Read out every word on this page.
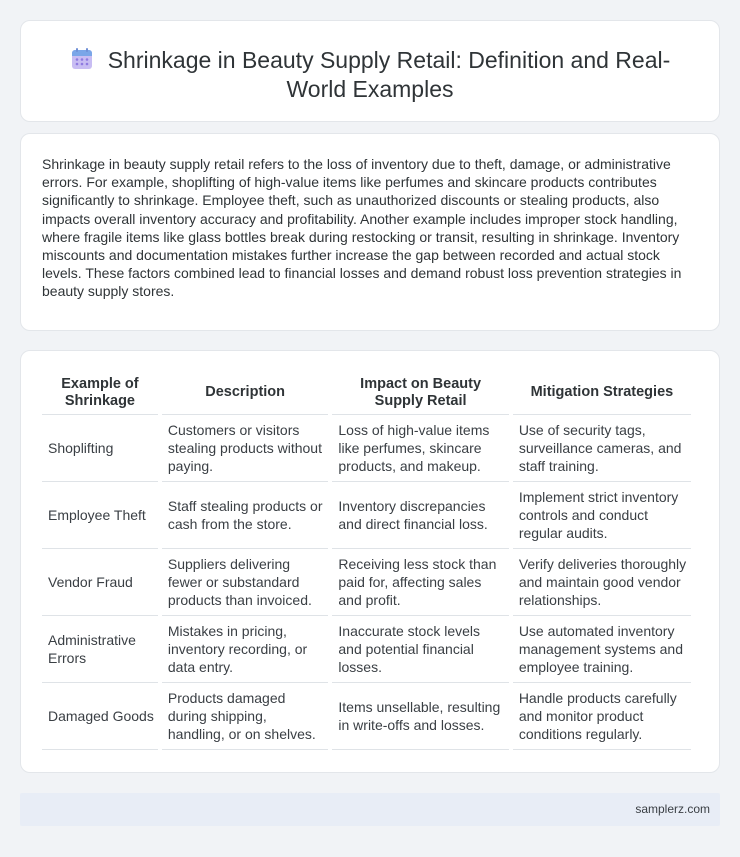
Shrinkage in Beauty Supply Retail: Definition and Real-World Examples

Shrinkage in beauty supply retail refers to the loss of inventory due to theft, damage, or administrative errors. For example, shoplifting of high-value items like perfumes and skincare products contributes significantly to shrinkage. Employee theft, such as unauthorized discounts or stealing products, also impacts overall inventory accuracy and profitability. Another example includes improper stock handling, where fragile items like glass bottles break during restocking or transit, resulting in shrinkage. Inventory miscounts and documentation mistakes further increase the gap between recorded and actual stock levels. These factors combined lead to financial losses and demand robust loss prevention strategies in beauty supply stores.

Example of Shrinkage	Description	Impact on Beauty Supply Retail	Mitigation Strategies
Shoplifting	Customers or visitors stealing products without paying.	Loss of high-value items like perfumes, skincare products, and makeup.	Use of security tags, surveillance cameras, and staff training.
Employee Theft	Staff stealing products or cash from the store.	Inventory discrepancies and direct financial loss.	Implement strict inventory controls and conduct regular audits.
Vendor Fraud	Suppliers delivering fewer or substandard products than invoiced.	Receiving less stock than paid for, affecting sales and profit.	Verify deliveries thoroughly and maintain good vendor relationships.
Administrative Errors	Mistakes in pricing, inventory recording, or data entry.	Inaccurate stock levels and potential financial losses.	Use automated inventory management systems and employee training.
Damaged Goods	Products damaged during shipping, handling, or on shelves.	Items unsellable, resulting in write-offs and losses.	Handle products carefully and monitor product conditions regularly.
samplerz.com
